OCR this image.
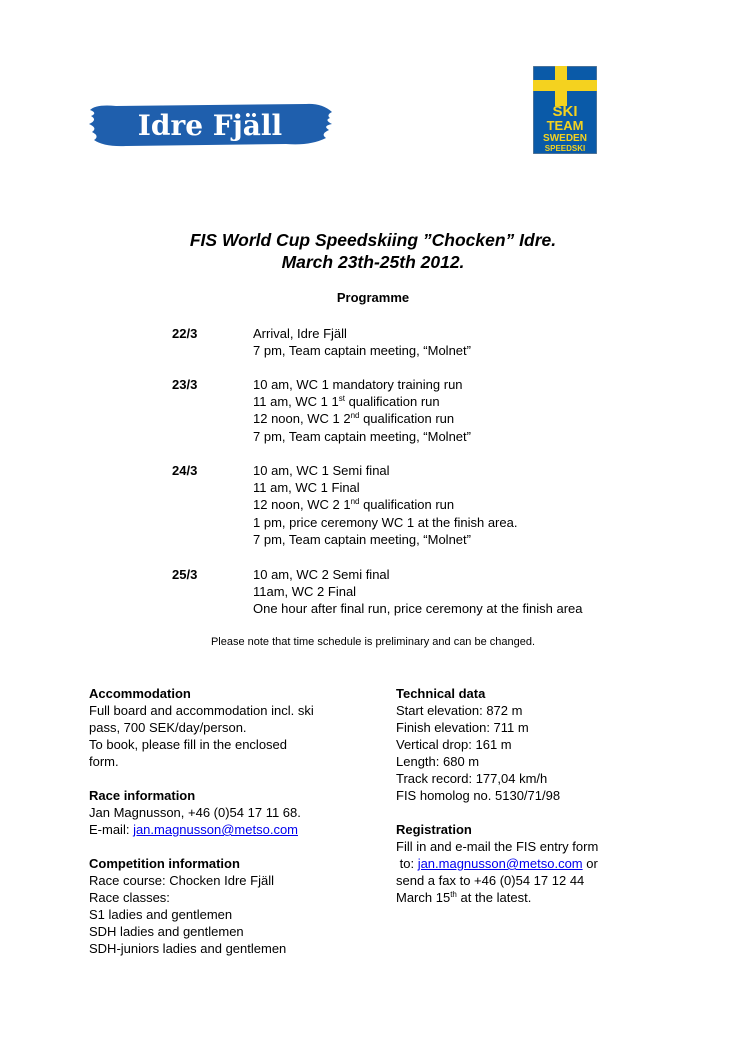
Idre Fjäll	SKI
TEAM
SWEDEN
SPEEDSKI
FIS World Cup Speedskiing ”Chocken” Idre.
March 23th-25th 2012.
Programme
22/3	Arrival, Idre Fjäll
7 pm, Team captain meeting, “Molnet”
23/3	10 am, WC 1 mandatory training run
11 am, WC 1 1st qualification run
12 noon, WC 1 2nd qualification run
7 pm, Team captain meeting, “Molnet”
24/3	10 am, WC 1 Semi final
11 am, WC 1 Final
12 noon, WC 2 1nd qualification run
1 pm, price ceremony WC 1 at the finish area.
7 pm, Team captain meeting, “Molnet”
25/3	10 am, WC 2 Semi final
11am, WC 2 Final
One hour after final run, price ceremony at the finish area
Please note that time schedule is preliminary and can be changed.
Accommodation
Full board and accommodation incl. ski
pass, 700 SEK/day/person.
To book, please fill in the enclosed
form.
Race information
Jan Magnusson, +46 (0)54 17 11 68.
E-mail: jan.magnusson@metso.com
Competition information
Race course: Chocken Idre Fjäll
Race classes:
S1 ladies and gentlemen
SDH ladies and gentlemen
SDH-juniors ladies and gentlemen
Technical data
Start elevation: 872 m
Finish elevation: 711 m
Vertical drop: 161 m
Length: 680 m
Track record: 177,04 km/h
FIS homolog no. 5130/71/98
Registration
Fill in and e-mail the FIS entry form
to: jan.magnusson@metso.com or
send a fax to +46 (0)54 17 12 44
March 15th at the latest.
